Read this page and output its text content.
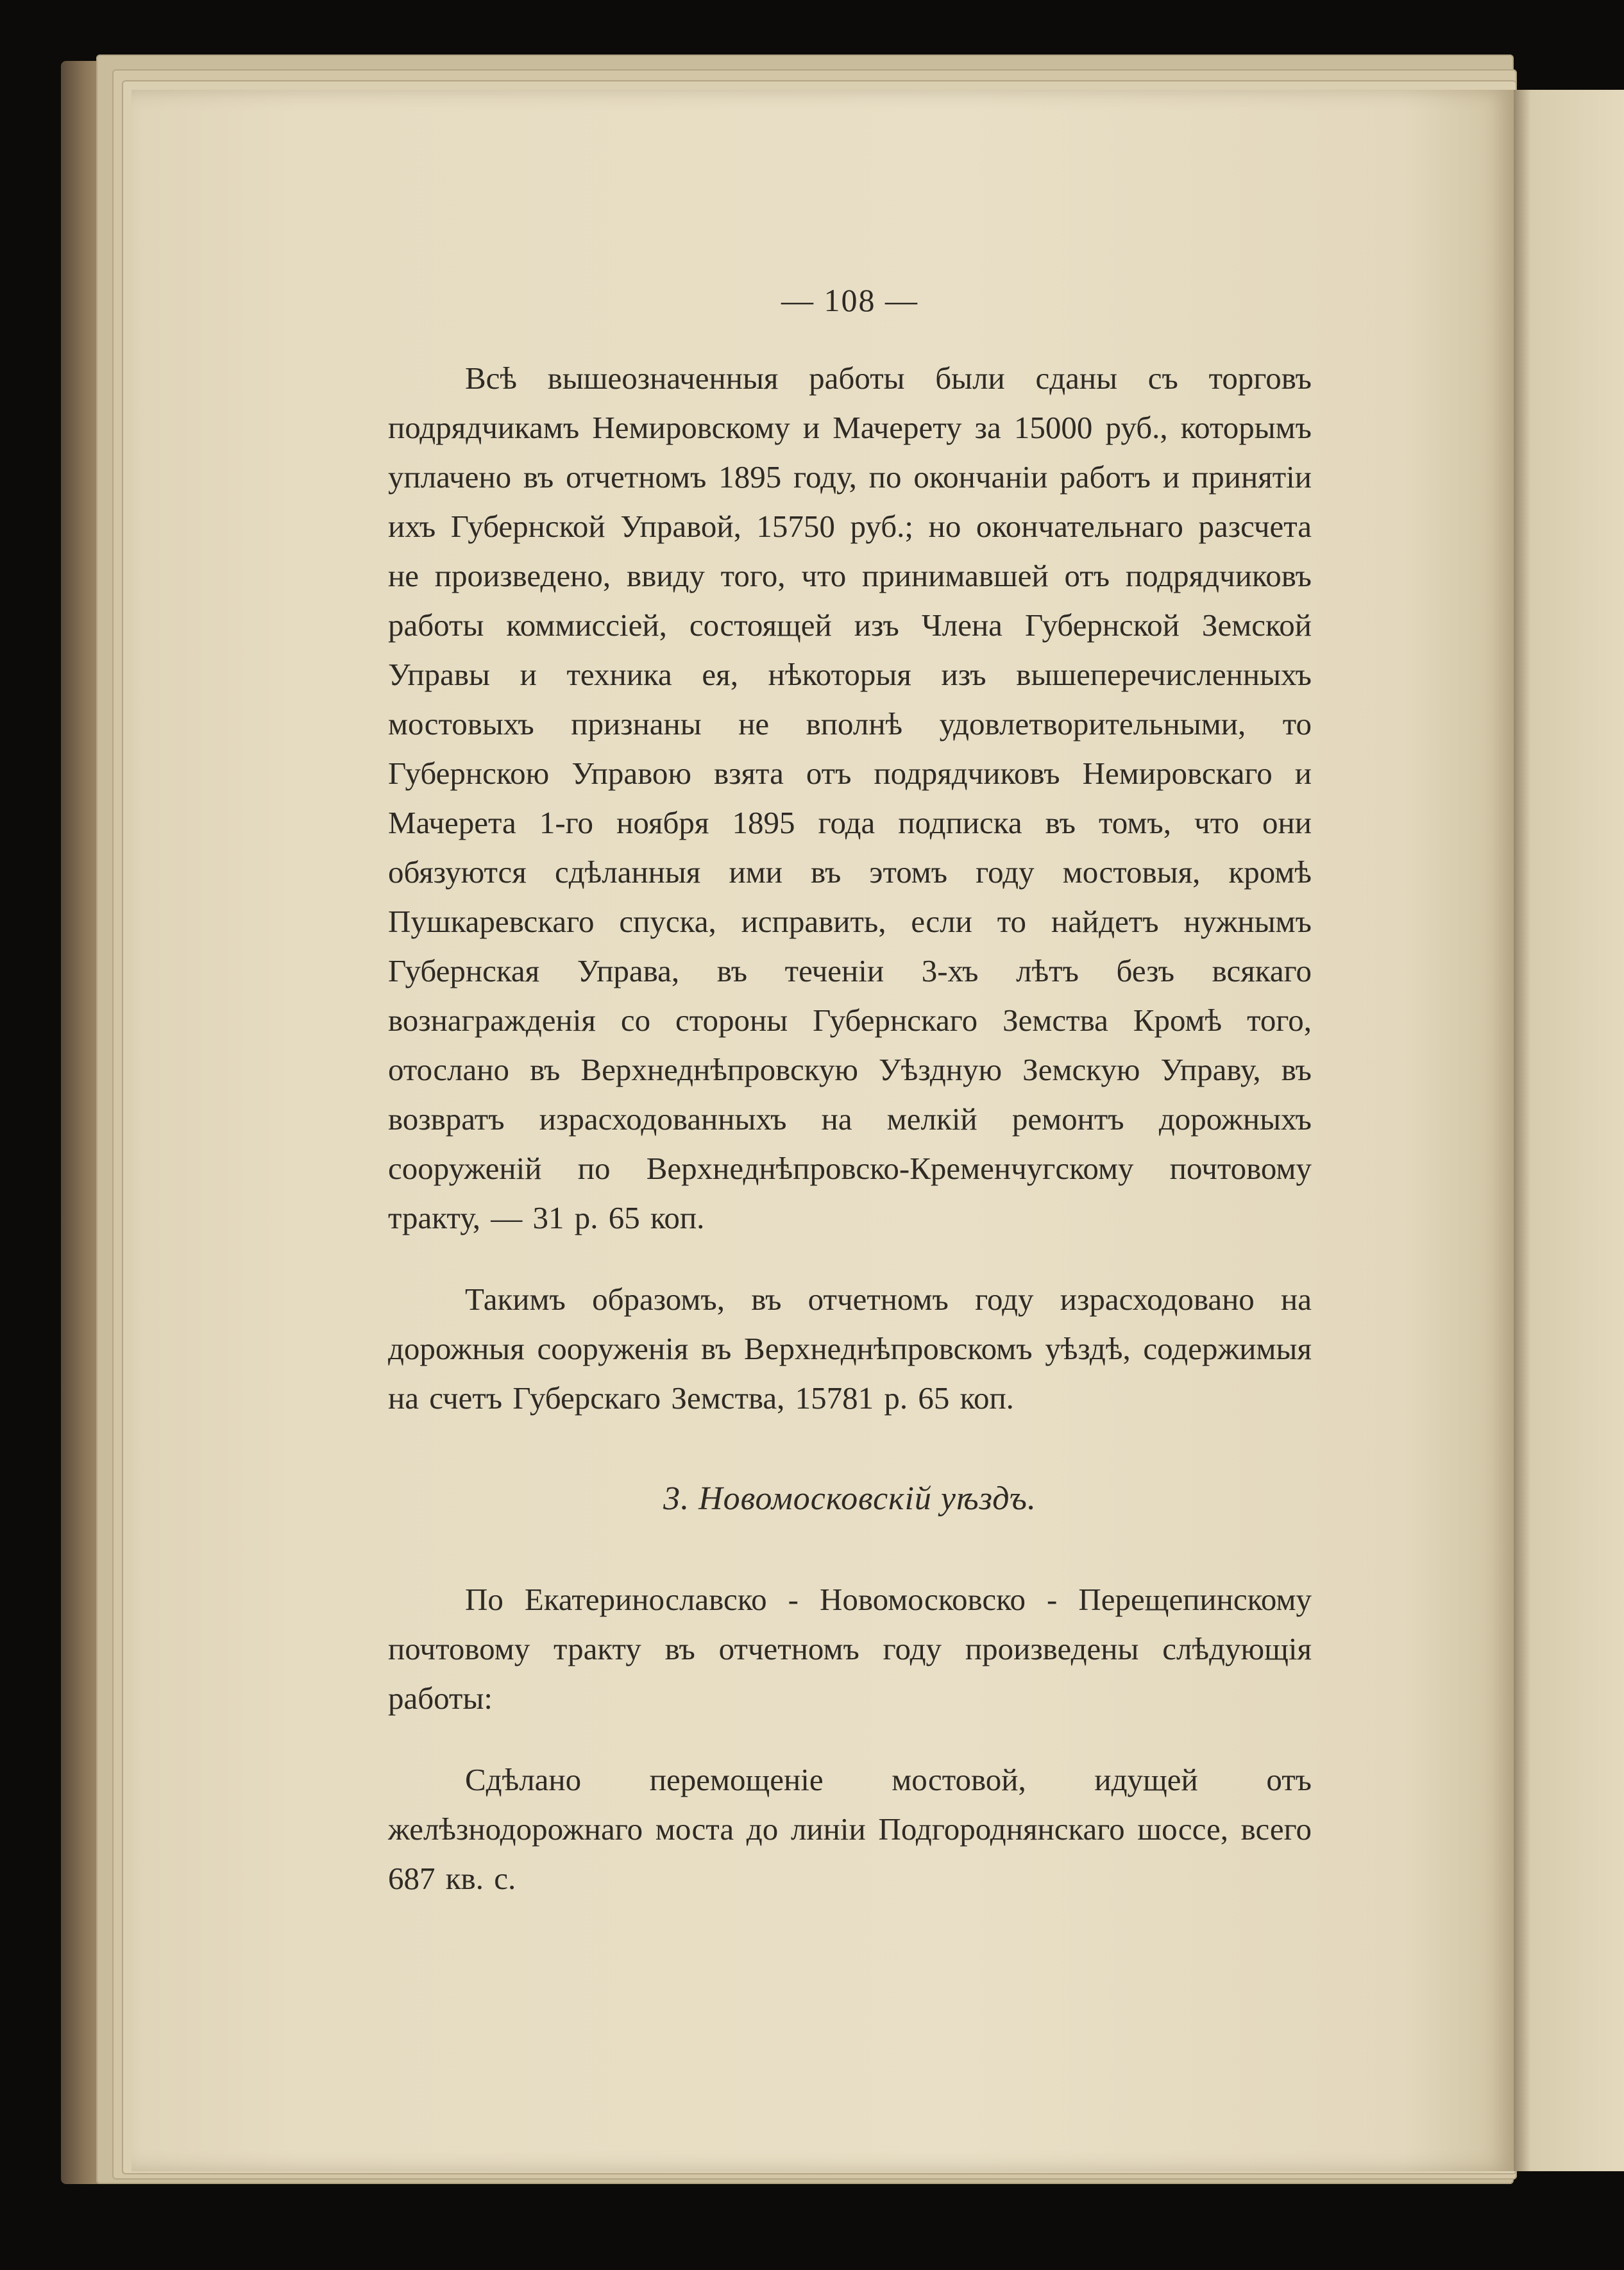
— 108 —

Всѣ вышеозначенныя работы были сданы съ торговъ подрядчикамъ Немировскому и Мачерету за 15000 руб., которымъ уплачено въ отчетномъ 1895 году, по окончаніи работъ и принятіи ихъ Губернской Управой, 15750 руб.; но окончательнаго разсчета не произведено, ввиду того, что принимавшей отъ подрядчиковъ работы коммиссіей, состоящей изъ Члена Губернской Земской Управы и техника ея, нѣкоторыя изъ вышеперечисленныхъ мостовыхъ признаны не вполнѣ удовлетворительными, то Губернскою Управою взята отъ подрядчиковъ Немировскаго и Мачерета 1-го ноября 1895 года подписка въ томъ, что они обязуются сдѣланныя ими въ этомъ году мостовыя, кромѣ Пушкаревскаго спуска, исправить, если то найдетъ нужнымъ Губернская Управа, въ теченіи 3-хъ лѣтъ безъ всякаго вознагражденія со стороны Губернскаго Земства Кромѣ того, отослано въ Верхнеднѣпровскую Уѣздную Земскую Управу, въ возвратъ израсходованныхъ на мелкій ремонтъ дорожныхъ сооруженій по Верхнеднѣпровско-Кременчугскому почтовому тракту, — 31 р. 65 коп.

Такимъ образомъ, въ отчетномъ году израсходовано на дорожныя сооруженія въ Верхнеднѣпровскомъ уѣздѣ, содержимыя на счетъ Губерскаго Земства, 15781 р. 65 коп.

3. Новомосковскій уѣздъ.

По Екатеринославско - Новомосковско - Перещепинскому почтовому тракту въ отчетномъ году произведены слѣдующія работы:

Сдѣлано перемощеніе мостовой, идущей отъ желѣзнодорожнаго моста до линіи Подгороднянскаго шоссе, всего 687 кв. с.
